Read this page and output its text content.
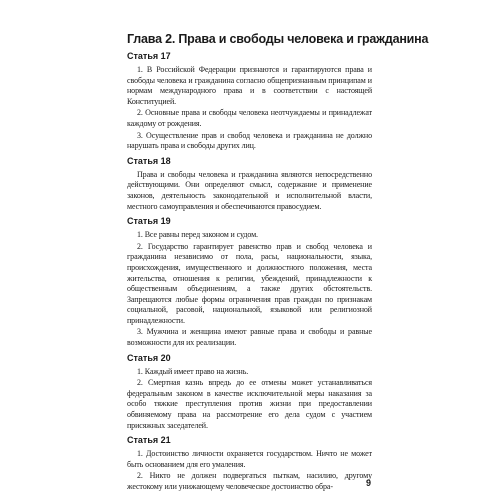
Глава 2. Права и свободы человека и гражданина
Статья 17

1. В Российской Федерации признаются и гарантируются права и свободы человека и гражданина согласно общепризнанным принципам и нормам международного права и в соответствии с настоящей Конституцией.

2. Основные права и свободы человека неотчуждаемы и принадлежат каждому от рождения.

3. Осуществление прав и свобод человека и гражданина не должно нарушать права и свободы других лиц.

Статья 18

Права и свободы человека и гражданина являются непосредственно действующими. Они определяют смысл, содержание и применение законов, деятельность законодательной и исполнительной власти, местного самоуправления и обеспечиваются правосудием.

Статья 19

1. Все равны перед законом и судом.

2. Государство гарантирует равенство прав и свобод человека и гражданина независимо от пола, расы, национальности, языка, происхождения, имущественного и должностного положения, места жительства, отношения к религии, убеждений, принадлежности к общественным объединениям, а также других обстоятельств. Запрещаются любые формы ограничения прав граждан по признакам социальной, расовой, национальной, языковой или религиозной принадлежности.

3. Мужчина и женщина имеют равные права и свободы и равные возможности для их реализации.

Статья 20

1. Каждый имеет право на жизнь.

2. Смертная казнь впредь до ее отмены может устанавливаться федеральным законом в качестве исключительной меры наказания за особо тяжкие преступления против жизни при предоставлении обвиняемому права на рассмотрение его дела судом с участием присяжных заседателей.

Статья 21

1. Достоинство личности охраняется государством. Ничто не может быть основанием для его умаления.

2. Никто не должен подвергаться пыткам, насилию, другому жестокому или унижающему человеческое достоинство обра-	9
